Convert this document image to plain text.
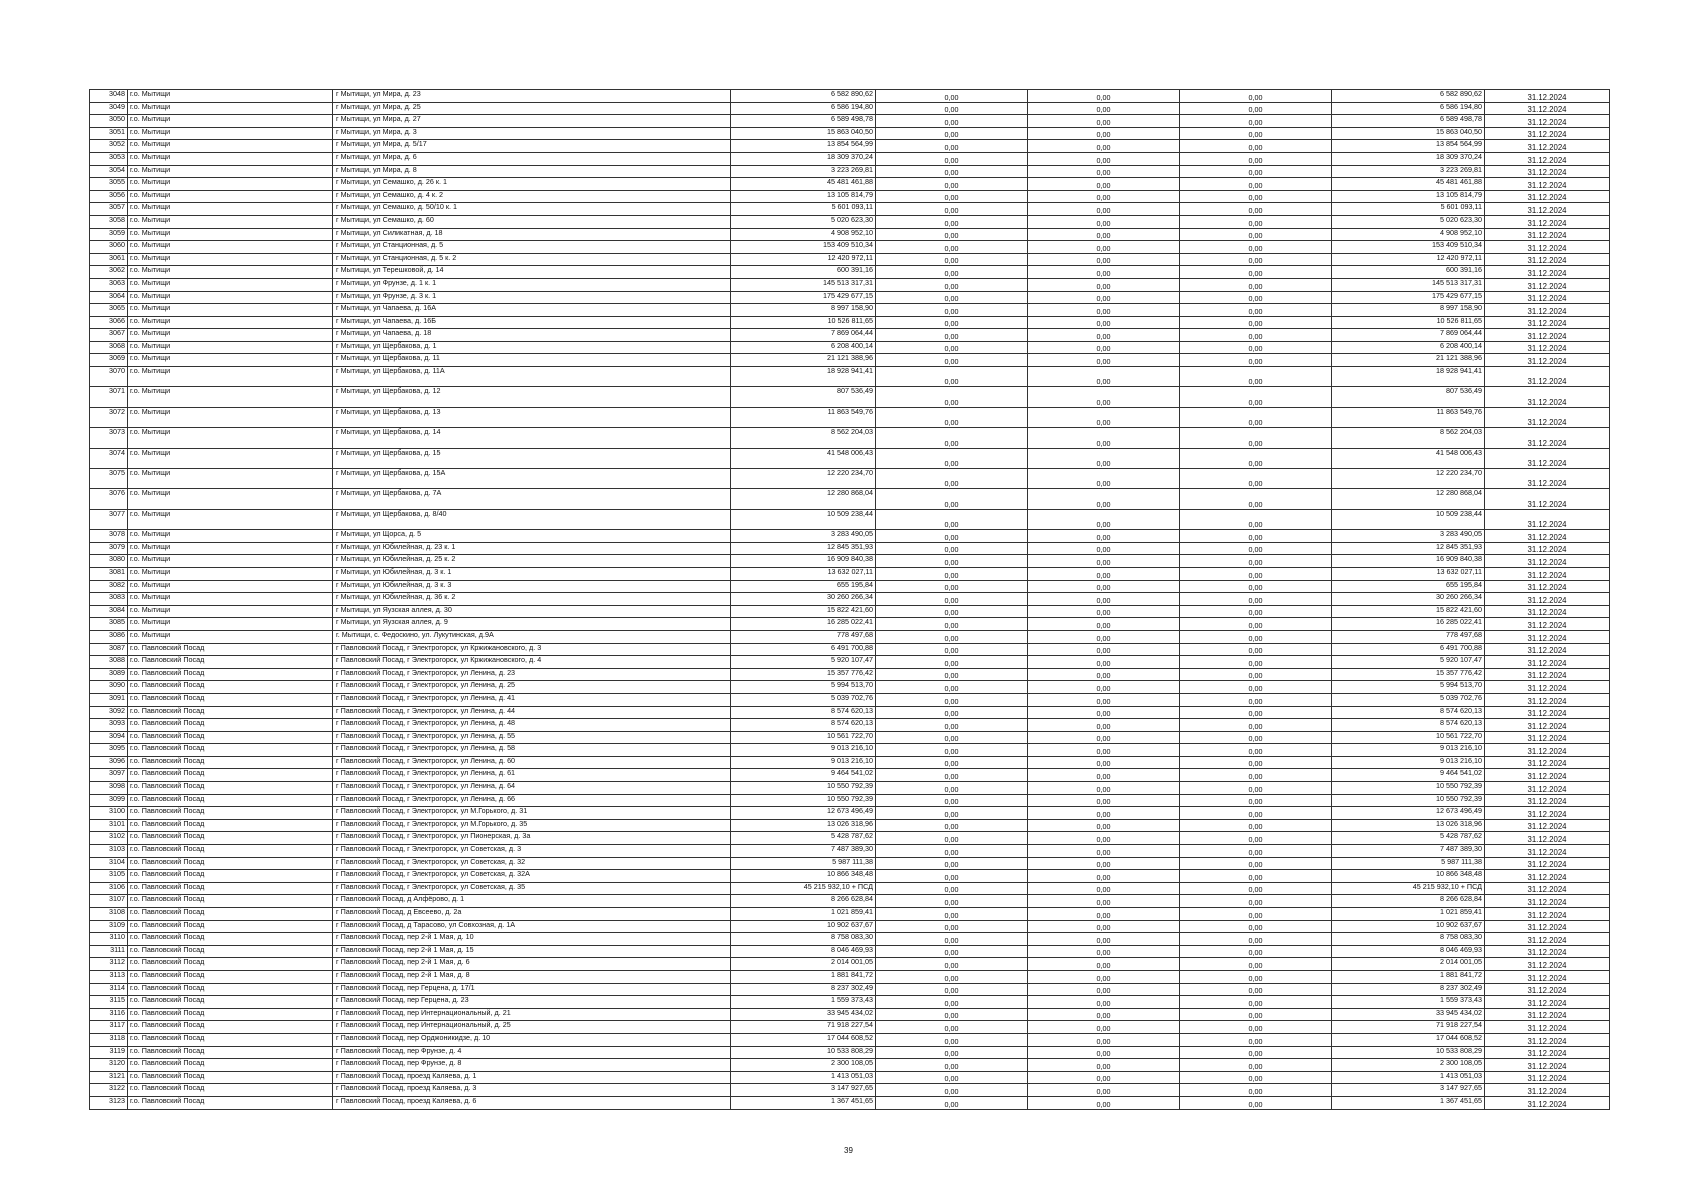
3048	г.о. Мытищи	г Мытищи, ул Мира, д. 23	6 582 890,62	0,00	0,00	0,00	6 582 890,62	31.12.2024
3049	г.о. Мытищи	г Мытищи, ул Мира, д. 25	6 586 194,80	0,00	0,00	0,00	6 586 194,80	31.12.2024
3050	г.о. Мытищи	г Мытищи, ул Мира, д. 27	6 589 498,78	0,00	0,00	0,00	6 589 498,78	31.12.2024
3051	г.о. Мытищи	г Мытищи, ул Мира, д. 3	15 863 040,50	0,00	0,00	0,00	15 863 040,50	31.12.2024
3052	г.о. Мытищи	г Мытищи, ул Мира, д. 5/17	13 854 564,99	0,00	0,00	0,00	13 854 564,99	31.12.2024
3053	г.о. Мытищи	г Мытищи, ул Мира, д. 6	18 309 370,24	0,00	0,00	0,00	18 309 370,24	31.12.2024
3054	г.о. Мытищи	г Мытищи, ул Мира, д. 8	3 223 269,81	0,00	0,00	0,00	3 223 269,81	31.12.2024
3055	г.о. Мытищи	г Мытищи, ул Семашко, д. 26 к. 1	45 481 461,88	0,00	0,00	0,00	45 481 461,88	31.12.2024
3056	г.о. Мытищи	г Мытищи, ул Семашко, д. 4 к. 2	13 105 814,79	0,00	0,00	0,00	13 105 814,79	31.12.2024
3057	г.о. Мытищи	г Мытищи, ул Семашко, д. 50/10 к. 1	5 601 093,11	0,00	0,00	0,00	5 601 093,11	31.12.2024
3058	г.о. Мытищи	г Мытищи, ул Семашко, д. 60	5 020 623,30	0,00	0,00	0,00	5 020 623,30	31.12.2024
3059	г.о. Мытищи	г Мытищи, ул Силикатная, д. 18	4 908 952,10	0,00	0,00	0,00	4 908 952,10	31.12.2024
3060	г.о. Мытищи	г Мытищи, ул Станционная, д. 5	153 409 510,34	0,00	0,00	0,00	153 409 510,34	31.12.2024
3061	г.о. Мытищи	г Мытищи, ул Станционная, д. 5 к. 2	12 420 972,11	0,00	0,00	0,00	12 420 972,11	31.12.2024
3062	г.о. Мытищи	г Мытищи, ул Терешковой, д. 14	600 391,16	0,00	0,00	0,00	600 391,16	31.12.2024
3063	г.о. Мытищи	г Мытищи, ул Фрунзе, д. 1 к. 1	145 513 317,31	0,00	0,00	0,00	145 513 317,31	31.12.2024
3064	г.о. Мытищи	г Мытищи, ул Фрунзе, д. 3 к. 1	175 429 677,15	0,00	0,00	0,00	175 429 677,15	31.12.2024
3065	г.о. Мытищи	г Мытищи, ул Чапаева, д. 16А	8 997 158,90	0,00	0,00	0,00	8 997 158,90	31.12.2024
3066	г.о. Мытищи	г Мытищи, ул Чапаева, д. 16Б	10 526 811,65	0,00	0,00	0,00	10 526 811,65	31.12.2024
3067	г.о. Мытищи	г Мытищи, ул Чапаева, д. 18	7 869 064,44	0,00	0,00	0,00	7 869 064,44	31.12.2024
3068	г.о. Мытищи	г Мытищи, ул Щербакова, д. 1	6 208 400,14	0,00	0,00	0,00	6 208 400,14	31.12.2024
3069	г.о. Мытищи	г Мытищи, ул Щербакова, д. 11	21 121 388,96	0,00	0,00	0,00	21 121 388,96	31.12.2024
3070	г.о. Мытищи	г Мытищи, ул Щербакова, д. 11А	18 928 941,41	0,00	0,00	0,00	18 928 941,41	31.12.2024
3071	г.о. Мытищи	г Мытищи, ул Щербакова, д. 12	807 536,49	0,00	0,00	0,00	807 536,49	31.12.2024
3072	г.о. Мытищи	г Мытищи, ул Щербакова, д. 13	11 863 549,76	0,00	0,00	0,00	11 863 549,76	31.12.2024
3073	г.о. Мытищи	г Мытищи, ул Щербакова, д. 14	8 562 204,03	0,00	0,00	0,00	8 562 204,03	31.12.2024
3074	г.о. Мытищи	г Мытищи, ул Щербакова, д. 15	41 548 006,43	0,00	0,00	0,00	41 548 006,43	31.12.2024
3075	г.о. Мытищи	г Мытищи, ул Щербакова, д. 15А	12 220 234,70	0,00	0,00	0,00	12 220 234,70	31.12.2024
3076	г.о. Мытищи	г Мытищи, ул Щербакова, д. 7А	12 280 868,04	0,00	0,00	0,00	12 280 868,04	31.12.2024
3077	г.о. Мытищи	г Мытищи, ул Щербакова, д. 8/40	10 509 238,44	0,00	0,00	0,00	10 509 238,44	31.12.2024
3078	г.о. Мытищи	г Мытищи, ул Щорса, д. 5	3 283 490,05	0,00	0,00	0,00	3 283 490,05	31.12.2024
3079	г.о. Мытищи	г Мытищи, ул Юбилейная, д. 23 к. 1	12 845 351,93	0,00	0,00	0,00	12 845 351,93	31.12.2024
3080	г.о. Мытищи	г Мытищи, ул Юбилейная, д. 25 к. 2	16 909 840,38	0,00	0,00	0,00	16 909 840,38	31.12.2024
3081	г.о. Мытищи	г Мытищи, ул Юбилейная, д. 3 к. 1	13 632 027,11	0,00	0,00	0,00	13 632 027,11	31.12.2024
3082	г.о. Мытищи	г Мытищи, ул Юбилейная, д. 3 к. 3	655 195,84	0,00	0,00	0,00	655 195,84	31.12.2024
3083	г.о. Мытищи	г Мытищи, ул Юбилейная, д. 36 к. 2	30 260 266,34	0,00	0,00	0,00	30 260 266,34	31.12.2024
3084	г.о. Мытищи	г Мытищи, ул Яузская аллея, д. 30	15 822 421,60	0,00	0,00	0,00	15 822 421,60	31.12.2024
3085	г.о. Мытищи	г Мытищи, ул Яузская аллея, д. 9	16 285 022,41	0,00	0,00	0,00	16 285 022,41	31.12.2024
3086	г.о. Мытищи	г. Мытищи, с. Федоскино, ул. Лукутинская, д.9А	778 497,68	0,00	0,00	0,00	778 497,68	31.12.2024
3087	г.о. Павловский Посад	г Павловский Посад, г Электрогорск, ул Кржижановского, д. 3	6 491 700,88	0,00	0,00	0,00	6 491 700,88	31.12.2024
3088	г.о. Павловский Посад	г Павловский Посад, г Электрогорск, ул Кржижановского, д. 4	5 920 107,47	0,00	0,00	0,00	5 920 107,47	31.12.2024
3089	г.о. Павловский Посад	г Павловский Посад, г Электрогорск, ул Ленина, д. 23	15 357 776,42	0,00	0,00	0,00	15 357 776,42	31.12.2024
3090	г.о. Павловский Посад	г Павловский Посад, г Электрогорск, ул Ленина, д. 25	5 994 513,70	0,00	0,00	0,00	5 994 513,70	31.12.2024
3091	г.о. Павловский Посад	г Павловский Посад, г Электрогорск, ул Ленина, д. 41	5 039 702,76	0,00	0,00	0,00	5 039 702,76	31.12.2024
3092	г.о. Павловский Посад	г Павловский Посад, г Электрогорск, ул Ленина, д. 44	8 574 620,13	0,00	0,00	0,00	8 574 620,13	31.12.2024
3093	г.о. Павловский Посад	г Павловский Посад, г Электрогорск, ул Ленина, д. 48	8 574 620,13	0,00	0,00	0,00	8 574 620,13	31.12.2024
3094	г.о. Павловский Посад	г Павловский Посад, г Электрогорск, ул Ленина, д. 55	10 561 722,70	0,00	0,00	0,00	10 561 722,70	31.12.2024
3095	г.о. Павловский Посад	г Павловский Посад, г Электрогорск, ул Ленина, д. 58	9 013 216,10	0,00	0,00	0,00	9 013 216,10	31.12.2024
3096	г.о. Павловский Посад	г Павловский Посад, г Электрогорск, ул Ленина, д. 60	9 013 216,10	0,00	0,00	0,00	9 013 216,10	31.12.2024
3097	г.о. Павловский Посад	г Павловский Посад, г Электрогорск, ул Ленина, д. 61	9 464 541,02	0,00	0,00	0,00	9 464 541,02	31.12.2024
3098	г.о. Павловский Посад	г Павловский Посад, г Электрогорск, ул Ленина, д. 64	10 550 792,39	0,00	0,00	0,00	10 550 792,39	31.12.2024
3099	г.о. Павловский Посад	г Павловский Посад, г Электрогорск, ул Ленина, д. 66	10 550 792,39	0,00	0,00	0,00	10 550 792,39	31.12.2024
3100	г.о. Павловский Посад	г Павловский Посад, г Электрогорск, ул М.Горького, д. 31	12 673 496,49	0,00	0,00	0,00	12 673 496,49	31.12.2024
3101	г.о. Павловский Посад	г Павловский Посад, г Электрогорск, ул М.Горького, д. 35	13 026 318,96	0,00	0,00	0,00	13 026 318,96	31.12.2024
3102	г.о. Павловский Посад	г Павловский Посад, г Электрогорск, ул Пионерская, д. 3а	5 428 787,62	0,00	0,00	0,00	5 428 787,62	31.12.2024
3103	г.о. Павловский Посад	г Павловский Посад, г Электрогорск, ул Советская, д. 3	7 487 389,30	0,00	0,00	0,00	7 487 389,30	31.12.2024
3104	г.о. Павловский Посад	г Павловский Посад, г Электрогорск, ул Советская, д. 32	5 987 111,38	0,00	0,00	0,00	5 987 111,38	31.12.2024
3105	г.о. Павловский Посад	г Павловский Посад, г Электрогорск, ул Советская, д. 32А	10 866 348,48	0,00	0,00	0,00	10 866 348,48	31.12.2024
3106	г.о. Павловский Посад	г Павловский Посад, г Электрогорск, ул Советская, д. 35	45 215 932,10 + ПСД	0,00	0,00	0,00	45 215 932,10 + ПСД	31.12.2024
3107	г.о. Павловский Посад	г Павловский Посад, д Алфёрово, д. 1	8 266 628,84	0,00	0,00	0,00	8 266 628,84	31.12.2024
3108	г.о. Павловский Посад	г Павловский Посад, д Евсеево, д. 2а	1 021 859,41	0,00	0,00	0,00	1 021 859,41	31.12.2024
3109	г.о. Павловский Посад	г Павловский Посад, д Тарасово, ул Совхозная, д. 1А	10 902 637,67	0,00	0,00	0,00	10 902 637,67	31.12.2024
3110	г.о. Павловский Посад	г Павловский Посад, пер 2-й 1 Мая, д. 10	8 758 083,30	0,00	0,00	0,00	8 758 083,30	31.12.2024
3111	г.о. Павловский Посад	г Павловский Посад, пер 2-й 1 Мая, д. 15	8 046 469,93	0,00	0,00	0,00	8 046 469,93	31.12.2024
3112	г.о. Павловский Посад	г Павловский Посад, пер 2-й 1 Мая, д. 6	2 014 001,05	0,00	0,00	0,00	2 014 001,05	31.12.2024
3113	г.о. Павловский Посад	г Павловский Посад, пер 2-й 1 Мая, д. 8	1 881 841,72	0,00	0,00	0,00	1 881 841,72	31.12.2024
3114	г.о. Павловский Посад	г Павловский Посад, пер Герцена, д. 17/1	8 237 302,49	0,00	0,00	0,00	8 237 302,49	31.12.2024
3115	г.о. Павловский Посад	г Павловский Посад, пер Герцена, д. 23	1 559 373,43	0,00	0,00	0,00	1 559 373,43	31.12.2024
3116	г.о. Павловский Посад	г Павловский Посад, пер Интернациональный, д. 21	33 945 434,02	0,00	0,00	0,00	33 945 434,02	31.12.2024
3117	г.о. Павловский Посад	г Павловский Посад, пер Интернациональный, д. 25	71 918 227,54	0,00	0,00	0,00	71 918 227,54	31.12.2024
3118	г.о. Павловский Посад	г Павловский Посад, пер Орджоникидзе, д. 10	17 044 608,52	0,00	0,00	0,00	17 044 608,52	31.12.2024
3119	г.о. Павловский Посад	г Павловский Посад, пер Фрунзе, д. 4	10 533 808,29	0,00	0,00	0,00	10 533 808,29	31.12.2024
3120	г.о. Павловский Посад	г Павловский Посад, пер Фрунзе, д. 8	2 300 108,05	0,00	0,00	0,00	2 300 108,05	31.12.2024
3121	г.о. Павловский Посад	г Павловский Посад, проезд Каляева, д. 1	1 413 051,03	0,00	0,00	0,00	1 413 051,03	31.12.2024
3122	г.о. Павловский Посад	г Павловский Посад, проезд Каляева, д. 3	3 147 927,65	0,00	0,00	0,00	3 147 927,65	31.12.2024
3123	г.о. Павловский Посад	г Павловский Посад, проезд Каляева, д. 6	1 367 451,65	0,00	0,00	0,00	1 367 451,65	31.12.2024
39
